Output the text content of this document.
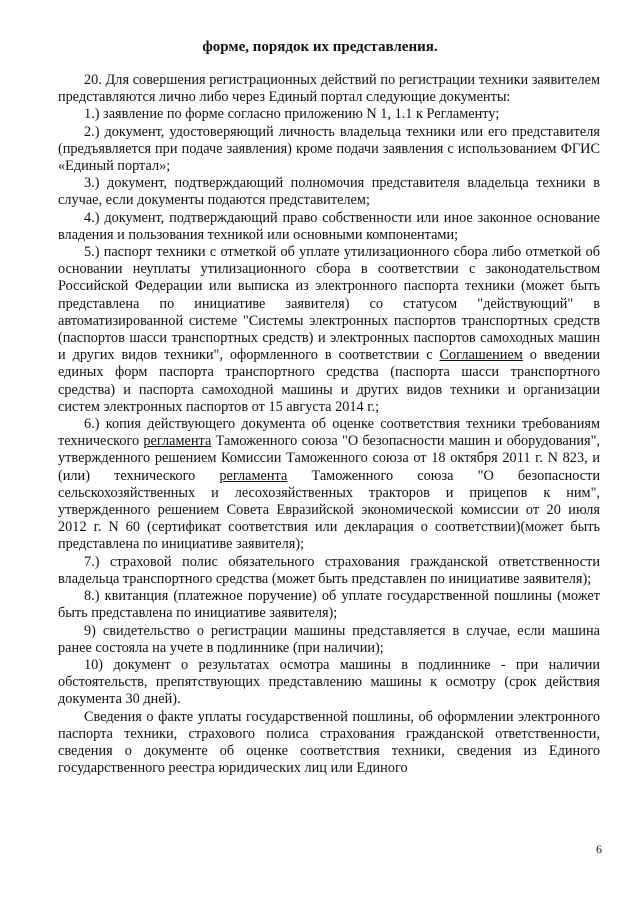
форме, порядок их представления.

20. Для совершения регистрационных действий по регистрации техники заявителем представляются лично либо через Единый портал следующие документы:

1.) заявление по форме согласно приложению N 1, 1.1 к Регламенту;

2.) документ, удостоверяющий личность владельца техники или его представителя (предъявляется при подаче заявления) кроме подачи заявления с использованием ФГИС «Единый портал»;

3.) документ, подтверждающий полномочия представителя владельца техники в случае, если документы подаются представителем;

4.) документ, подтверждающий право собственности или иное законное основание владения и пользования техникой или основными компонентами;

5.) паспорт техники с отметкой об уплате утилизационного сбора либо отметкой об основании неуплаты утилизационного сбора в соответствии с законодательством Российской Федерации или выписка из электронного паспорта техники (может быть представлена по инициативе заявителя) со статусом "действующий" в автоматизированной системе "Системы электронных паспортов транспортных средств (паспортов шасси транспортных средств) и электронных паспортов самоходных машин и других видов техники", оформленного в соответствии с Соглашением о введении единых форм паспорта транспортного средства (паспорта шасси транспортного средства) и паспорта самоходной машины и других видов техники и организации систем электронных паспортов от 15 августа 2014 г.;

6.) копия действующего документа об оценке соответствия техники требованиям технического регламента Таможенного союза "О безопасности машин и оборудования", утвержденного решением Комиссии Таможенного союза от 18 октября 2011 г. N 823, и (или) технического регламента Таможенного союза "О безопасности сельскохозяйственных и лесохозяйственных тракторов и прицепов к ним", утвержденного решением Совета Евразийской экономической комиссии от 20 июля 2012 г. N 60 (сертификат соответствия или декларация о соответствии)(может быть представлена по инициативе заявителя);

7.) страховой полис обязательного страхования гражданской ответственности владельца транспортного средства (может быть представлен по инициативе заявителя);

8.) квитанция (платежное поручение) об уплате государственной пошлины (может быть представлена по инициативе заявителя);

9) свидетельство о регистрации машины представляется в случае, если машина ранее состояла на учете в подлиннике (при наличии);

10) документ о результатах осмотра машины в подлиннике - при наличии обстоятельств, препятствующих представлению машины к осмотру (срок действия документа 30 дней).

Сведения о факте уплаты государственной пошлины, об оформлении электронного паспорта техники, страхового полиса страхования гражданской ответственности, сведения о документе об оценке соответствия техники, сведения из Единого государственного реестра юридических лиц или Единого

6
